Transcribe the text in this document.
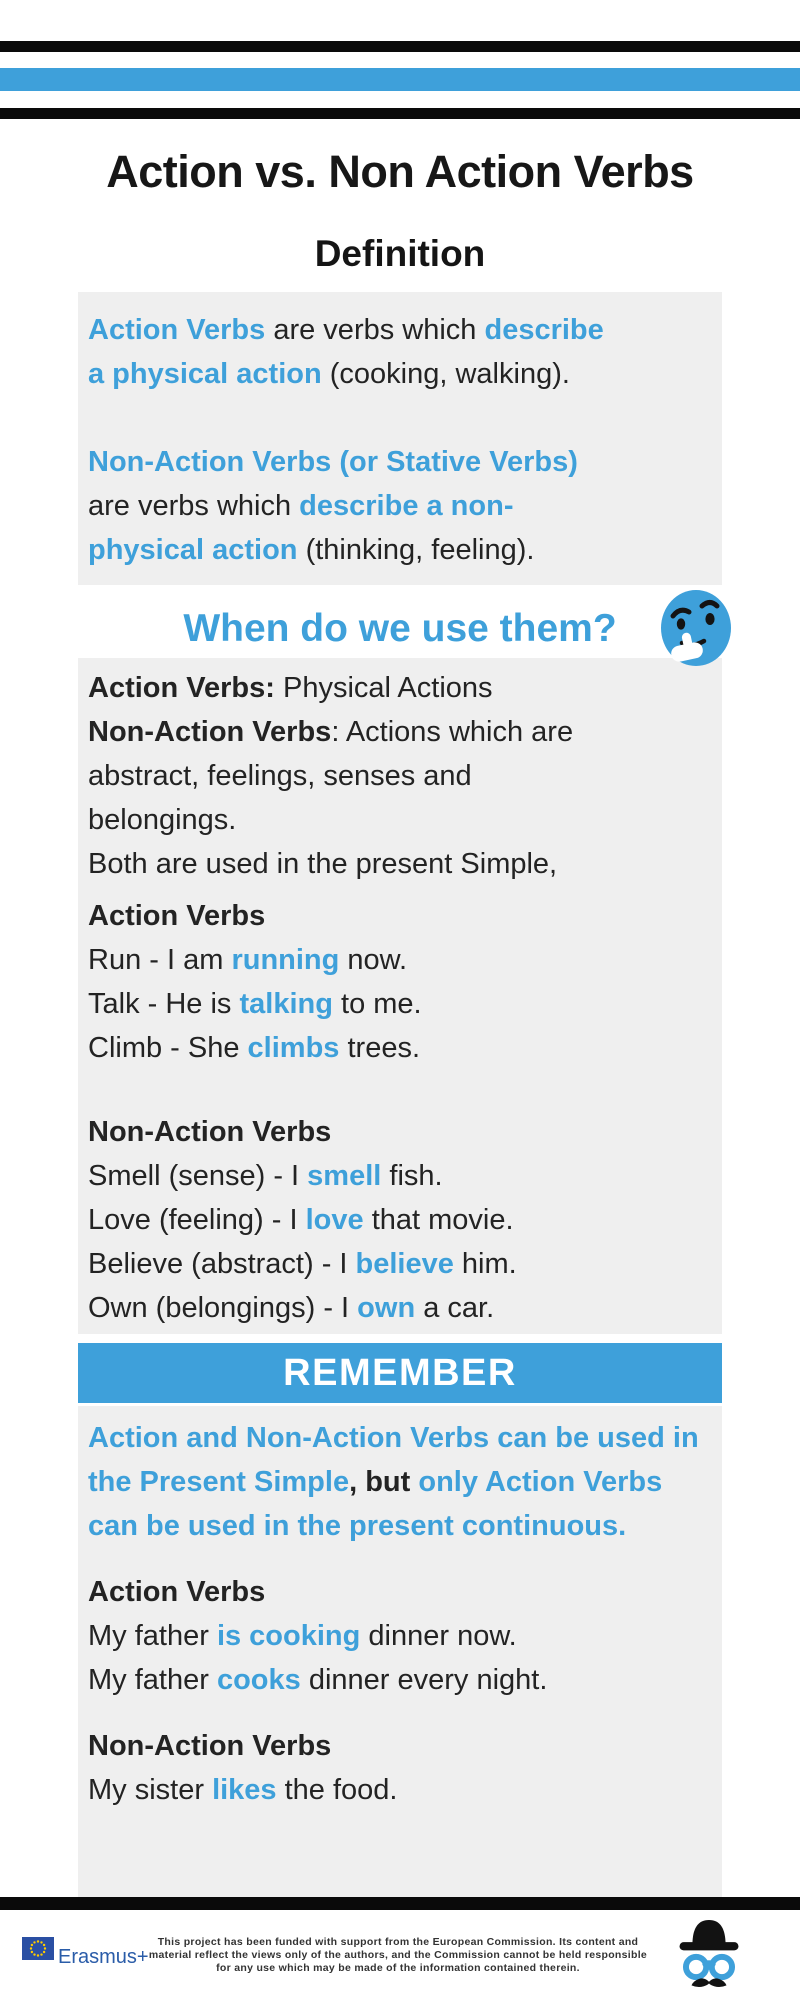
Action vs. Non Action Verbs
Definition
Action Verbs are verbs which describe
a physical action (cooking, walking).

Non-Action Verbs (or Stative Verbs)
are verbs which describe a non-
physical action (thinking, feeling).
When do we use them?
Action Verbs: Physical Actions
Non-Action Verbs: Actions which are
abstract, feelings, senses and
belongings.
Both are used in the present Simple,
Action Verbs
Run - I am running now.
Talk - He is talking to me.
Climb - She climbs trees.
Non-Action Verbs
Smell (sense) - I smell fish.
Love (feeling) - I love that movie.
Believe (abstract) - I believe him.
Own (belongings) - I own a car.
REMEMBER
Action and Non-Action Verbs can be used in
the Present Simple, but only Action Verbs
can be used in the present continuous.
Action Verbs
My father is cooking dinner now.
My father cooks dinner every night.
Non-Action Verbs
My sister likes the food.
Erasmus+
This project has been funded with support from the European Commission. Its content and
material reflect the views only of the authors, and the Commission cannot be held responsible
for any use which may be made of the information contained therein.
